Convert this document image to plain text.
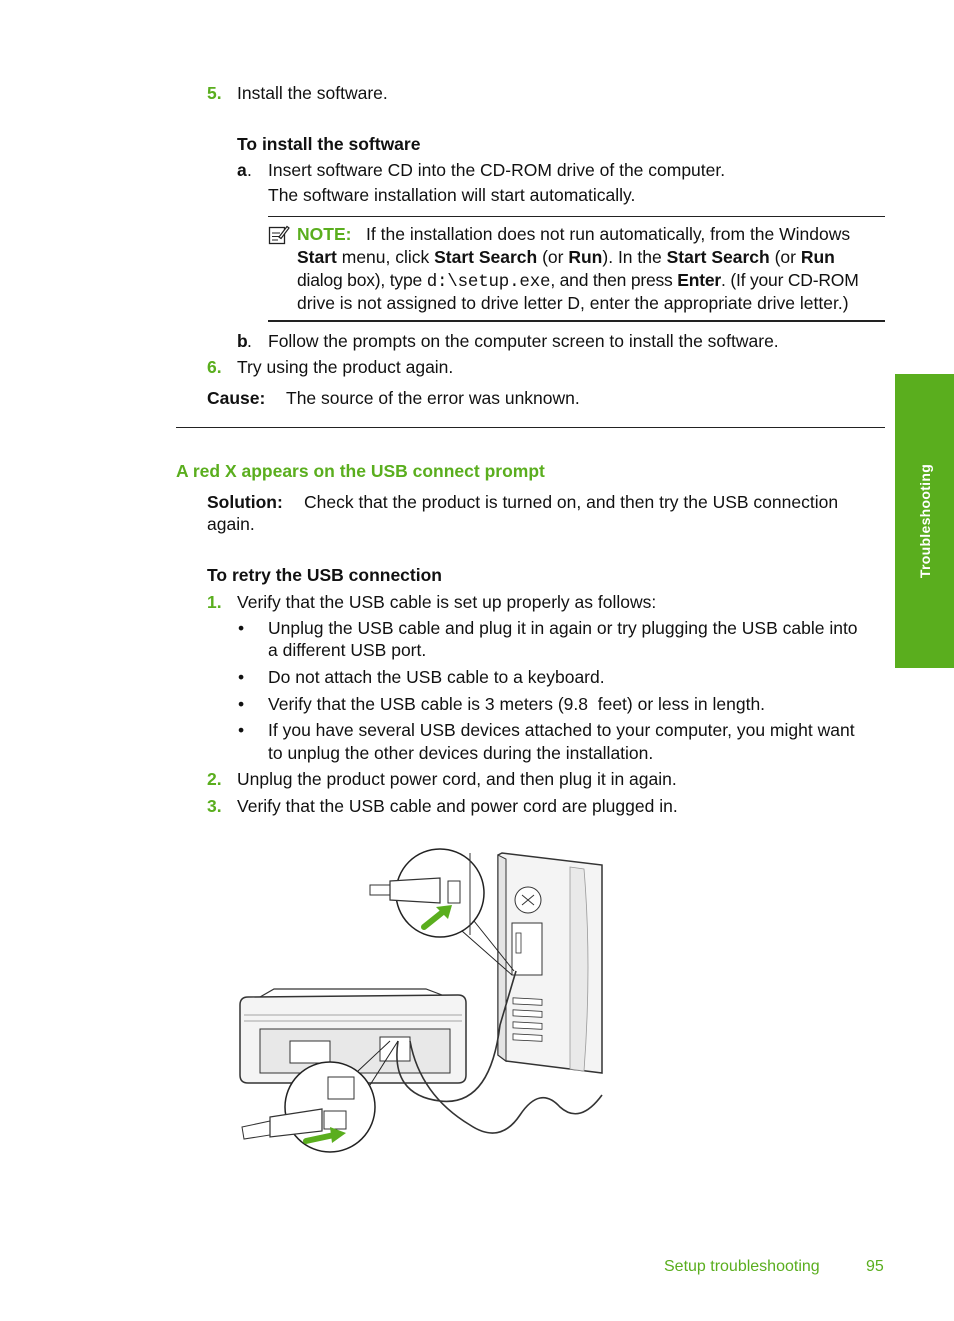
Troubleshooting
5. Install the software.
To install the software
a . Insert software CD into the CD-ROM drive of the computer.
The software installation will start automatically.
NOTE: If the installation does not run automatically, from the Windows
Start menu, click Start Search (or Run). In the Start Search (or Run
dialog box), type d:\setup.exe, and then press Enter. (If your CD-ROM
drive is not assigned to drive letter D, enter the appropriate drive letter.)
b . Follow the prompts on the computer screen to install the software.
6. Try using the product again.
Cause: The source of the error was unknown.
A red X appears on the USB connect prompt
Solution: Check that the product is turned on, and then try the USB connection
again.
To retry the USB connection
1. Verify that the USB cable is set up properly as follows:
• Unplug the USB cable and plug it in again or try plugging the USB cable into
a different USB port.
• Do not attach the USB cable to a keyboard.
• Verify that the USB cable is 3 meters (9.8  feet) or less in length.
• If you have several USB devices attached to your computer, you might want
to unplug the other devices during the installation.
2. Unplug the product power cord, and then plug it in again.
3. Verify that the USB cable and power cord are plugged in.
Setup troubleshooting	95
